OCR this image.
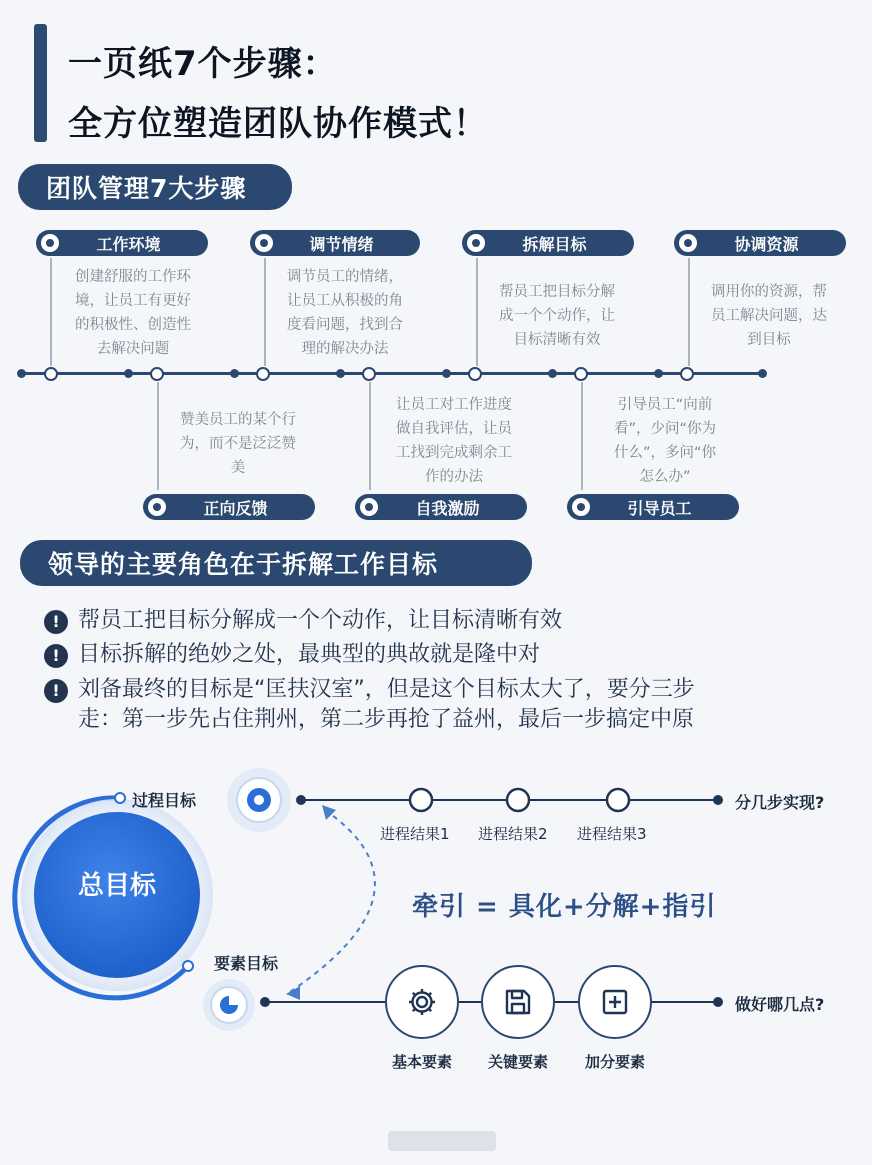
一页纸7个步骤：
全方位塑造团队协作模式！
团队管理7大步骤
工作环境	调节情绪	拆解目标	协调资源
创建舒服的工作环
境，让员工有更好
的积极性、创造性
去解决问题
调节员工的情绪，
让员工从积极的角
度看问题，找到合
理的解决办法
帮员工把目标分解
成一个个动作，让
目标清晰有效
调用你的资源，帮
员工解决问题，达
到目标
赞美员工的某个行
为，而不是泛泛赞
美
让员工对工作进度
做自我评估，让员
工找到完成剩余工
作的办法
引导员工“向前
看”，少问“你为
什么”，多问“你
怎么办”
正向反馈	自我激励	引导员工
领导的主要角色在于拆解工作目标
! 帮员工把目标分解成一个个动作，让目标清晰有效
! 目标拆解的绝妙之处，最典型的典故就是隆中对
! 刘备最终的目标是“匡扶汉室”，但是这个目标太大了，要分三步
走：第一步先占住荆州，第二步再抢了益州，最后一步搞定中原
总目标
过程目标
要素目标
进程结果1 进程结果2 进程结果3
分几步实现?
牵引 = 具化+分解+指引
基本要素	关键要素	加分要素
做好哪几点?
